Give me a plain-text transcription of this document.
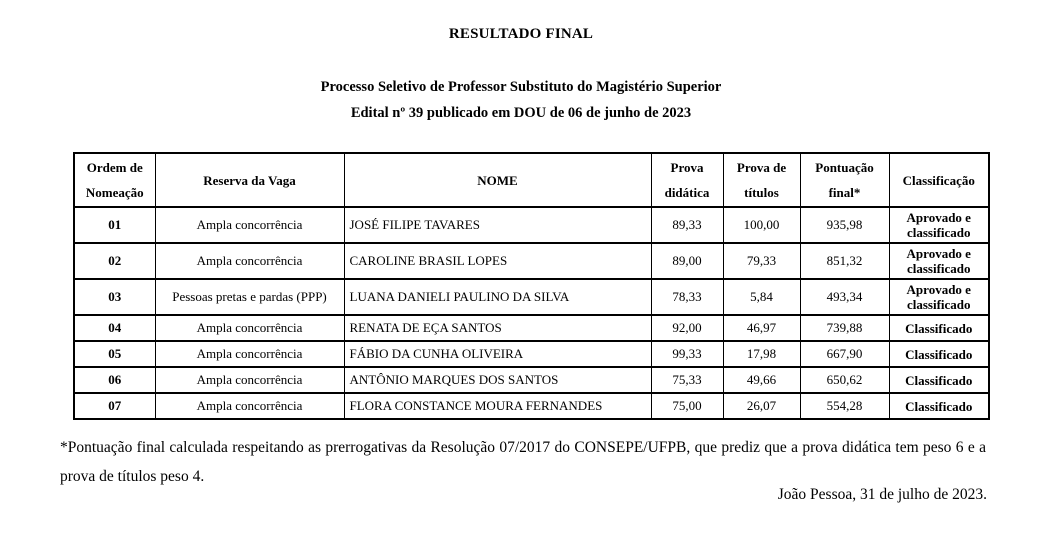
RESULTADO FINAL
Processo Seletivo de Professor Substituto do Magistério Superior
Edital nº 39 publicado em DOU de 06 de junho de 2023
Ordem de Nomeação	Reserva da Vaga	NOME	Prova didática	Prova de títulos	Pontuação final*	Classificação
01	Ampla concorrência	JOSÉ FILIPE TAVARES	89,33	100,00	935,98	Aprovado e classificado
02	Ampla concorrência	CAROLINE BRASIL LOPES	89,00	79,33	851,32	Aprovado e classificado
03	Pessoas pretas e pardas (PPP)	LUANA DANIELI PAULINO DA SILVA	78,33	5,84	493,34	Aprovado e classificado
04	Ampla concorrência	RENATA DE EÇA SANTOS	92,00	46,97	739,88	Classificado
05	Ampla concorrência	FÁBIO DA CUNHA OLIVEIRA	99,33	17,98	667,90	Classificado
06	Ampla concorrência	ANTÔNIO MARQUES DOS SANTOS	75,33	49,66	650,62	Classificado
07	Ampla concorrência	FLORA CONSTANCE MOURA FERNANDES	75,00	26,07	554,28	Classificado
*Pontuação final calculada respeitando as prerrogativas da Resolução 07/2017 do CONSEPE/UFPB, que prediz que a prova didática tem peso 6 e a prova de títulos peso 4.
João Pessoa, 31 de julho de 2023.
